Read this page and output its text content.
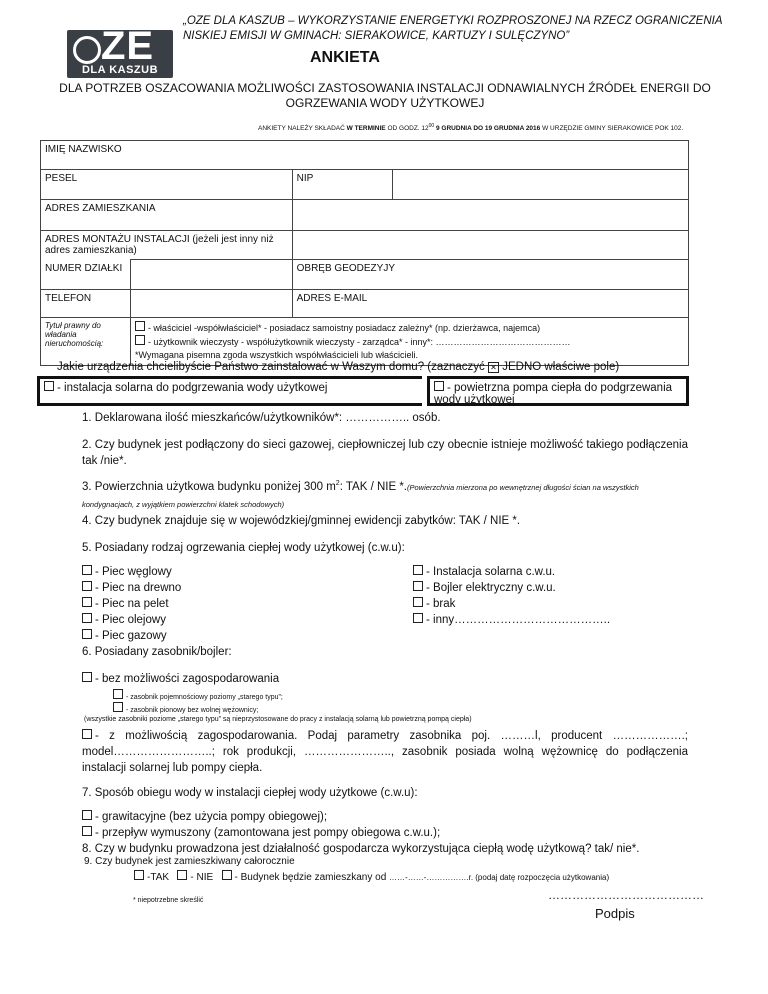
ZE
DLA KASZUB
„OZE DLA KASZUB – WYKORZYSTANIE ENERGETYKI ROZPROSZONEJ NA RZECZ OGRANICZENIA NISKIEJ EMISJI W GMINACH: SIERAKOWICE, KARTUZY I SULĘCZYNO”
ANKIETA
DLA POTRZEB OSZACOWANIA MOŻLIWOŚCI ZASTOSOWANIA INSTALACJI ODNAWIALNYCH ŹRÓDEŁ ENERGII DO OGRZEWANIA WODY UŻYTKOWEJ
ANKIETY NALEŻY SKŁADAĆ W TERMINIE OD GODZ. $12^{00}$ 9 GRUDNIA DO 19 GRUDNIA 2016 W URZĘDZIE GMINY SIERAKOWICE POK 102.
IMIĘ NAZWISKO			
PESEL		NIP	
ADRES ZAMIESZKANIA			
ADRES MONTAŻU INSTALACJI (jeżeli jest inny niż adres zamieszkania)			
NUMER DZIAŁKI		OBRĘB GEODEZYJY	
TELEFON		ADRES E-MAIL	
Tytuł prawny do władania nieruchomością:	- właściciel -współwłaściciel* - posiadacz samoistny posiadacz zależny* (np. dzierżawca, najemca)
- użytkownik wieczysty - współużytkownik wieczysty - zarządca* - inny*: ………………………………………
*Wymagana pisemna zgoda wszystkich współwłaścicieli lub właścicieli.		
Jakie urządzenia chcielibyście Państwo zainstalować w Waszym domu? (zaznaczyć ✕ JEDNO właściwe pole)
- instalacja solarna do podgrzewania wody użytkowej	- powietrzna pompa ciepła do podgrzewania wody użytkowej
1. Deklarowana ilość mieszkańców/użytkowników*: …………….. osób.
2. Czy budynek jest podłączony do sieci gazowej, ciepłowniczej lub czy obecnie istnieje możliwość takiego podłączenia tak /nie*.
3. Powierzchnia użytkowa budynku poniżej 300 $m^2$: TAK / NIE *.(Powierzchnia mierzona po wewnętrznej długości ścian na wszystkich kondygnacjach, z wyjątkiem powierzchni klatek schodowych)
4. Czy budynek znajduje się w wojewódzkiej/gminnej ewidencji zabytków: TAK / NIE *.
5. Posiadany rodzaj ogrzewania ciepłej wody użytkowej (c.w.u):
- Piec węglowy
- Piec na drewno
- Piec na pelet
- Piec olejowy
- Piec gazowy
6. Posiadany zasobnik/bojler:
- Instalacja solarna c.w.u.
- Bojler elektryczny c.w.u.
- brak
- inny…………………………………..
- bez możliwości zagospodarowania
- zasobnik pojemnościowy poziomy „starego typu”;
- zasobnik pionowy bez wolnej wężownicy;
(wszystkie zasobniki poziome „starego typu” są nieprzystosowane do pracy z instalacją solarną lub powietrzną pompą ciepła)
- z możliwością zagospodarowania. Podaj parametry zasobnika poj. ………l, producent ……………….; model……………………..; rok produkcji, ………………….., zasobnik posiada wolną wężownicę do podłączenia instalacji solarnej lub pompy ciepła.
7. Sposób obiegu wody w instalacji ciepłej wody użytkowe (c.w.u):
- grawitacyjne (bez użycia pompy obiegowej);
- przepływ wymuszony (zamontowana jest pompy obiegowa c.w.u.);
8. Czy w budynku prowadzona jest działalność gospodarcza wykorzystująca ciepłą wodę użytkową? tak/ nie*.
9. Czy budynek jest zamieszkiwany całorocznie
-TAK - NIE - Budynek będzie zamieszkany od ……-……-…………….r. (podaj datę rozpoczęcia użytkowania)
* niepotrzebne skreślić	…………………………………
Podpis
